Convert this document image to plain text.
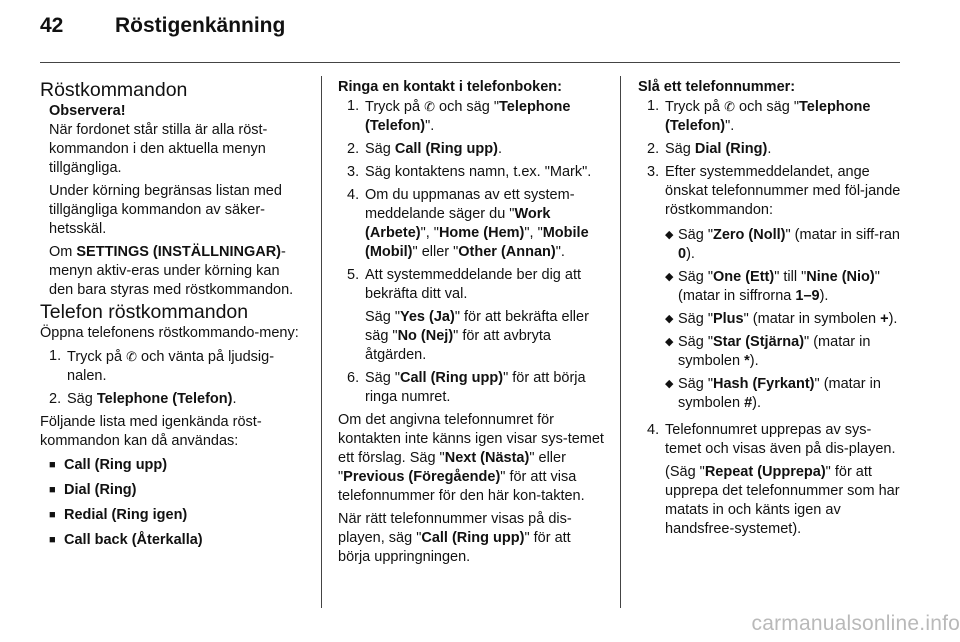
42	Röstigenkänning

Röstkommandon

Observera!

När fordonet står stilla är alla röst-kommandon i den aktuella menyn tillgängliga.

Under körning begränsas listan med tillgängliga kommandon av säker-hetsskäl.

Om SETTINGS (INSTÄLLNINGAR)-menyn aktiv-eras under körning kan den bara styras med röstkommandon.

Telefon röstkommandon

Öppna telefonens röstkommando-meny:

1. Tryck på ✆ och vänta på ljudsig-nalen.
2. Säg Telephone (Telefon).

Följande lista med igenkända röst-kommandon kan då användas:

■ Call (Ring upp)
■ Dial (Ring)
■ Redial (Ring igen)
■ Call back (Återkalla)

Ringa en kontakt i telefonboken:

1. Tryck på ✆ och säg "Telephone (Telefon)".
2. Säg Call (Ring upp).
3. Säg kontaktens namn, t.ex. "Mark".
4. Om du uppmanas av ett system-meddelande säger du "Work (Arbete)", "Home (Hem)", "Mobile (Mobil)" eller "Other (Annan)".
5. Att systemmeddelande ber dig att bekräfta ditt val.
Säg "Yes (Ja)" för att bekräfta eller säg "No (Nej)" för att avbryta åtgärden.
6. Säg "Call (Ring upp)" för att börja ringa numret.

Om det angivna telefonnumret för kontakten inte känns igen visar sys-temet ett förslag. Säg "Next (Nästa)" eller "Previous (Föregående)" för att visa telefonnummer för den här kon-takten.

När rätt telefonnummer visas på dis-playen, säg "Call (Ring upp)" för att börja uppringningen.

Slå ett telefonnummer:

1. Tryck på ✆ och säg "Telephone (Telefon)".
2. Säg Dial (Ring).
3. Efter systemmeddelandet, ange önskat telefonnummer med föl-jande röstkommandon:
◆ Säg "Zero (Noll)" (matar in siff-ran 0).
◆ Säg "One (Ett)" till "Nine (Nio)" (matar in siffrorna 1–9).
◆ Säg "Plus" (matar in symbolen +).
◆ Säg "Star (Stjärna)" (matar in symbolen *).
◆ Säg "Hash (Fyrkant)" (matar in symbolen #).
4. Telefonnumret upprepas av sys-temet och visas även på dis-playen.
(Säg "Repeat (Upprepa)" för att upprepa det telefonnummer som har matats in och känts igen av handsfree-systemet).
carmanualsonline.info
